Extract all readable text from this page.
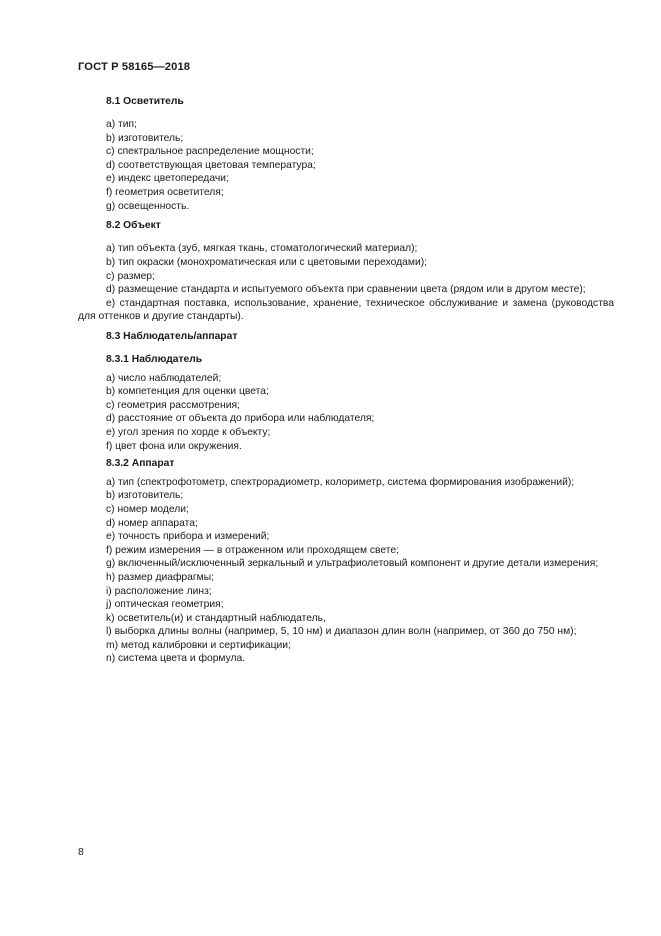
ГОСТ Р 58165—2018

8.1 Осветитель

а) тип;

b) изготовитель;

с) спектральное распределение мощности;

d) соответствующая цветовая температура;

е) индекс цветопередачи;

f) геометрия осветителя;

g) освещенность.

8.2 Объект

а) тип объекта (зуб, мягкая ткань, стоматологический материал);

b) тип окраски (монохроматическая или с цветовыми переходами);

с) размер;

d) размещение стандарта и испытуемого объекта при сравнении цвета (рядом или в другом месте);

е) стандартная поставка, использование, хранение, техническое обслуживание и замена (руководства для оттенков и другие стандарты).

8.3 Наблюдатель/аппарат

8.3.1 Наблюдатель

а) число наблюдателей;

b) компетенция для оценки цвета;

с) геометрия рассмотрения;

d) расстояние от объекта до прибора или наблюдателя;

е) угол зрения по хорде к объекту;

f) цвет фона или окружения.

8.3.2 Аппарат

а) тип (спектрофотометр, спектрорадиометр, колориметр, система формирования изображений);

b) изготовитель;

с) номер модели;

d) номер аппарата;

е) точность прибора и измерений;

f) режим измерения — в отраженном или проходящем свете;

g) включенный/исключенный зеркальный и ультрафиолетовый компонент и другие детали измерения;

h) размер диафрагмы;

i) расположение линз;

j) оптическая геометрия;

k) осветитель(и) и стандартный наблюдатель,

l) выборка длины волны (например, 5, 10 нм) и диапазон длин волн (например, от 360 до 750 нм);

m) метод калибровки и сертификации;

n) система цвета и формула.

8
